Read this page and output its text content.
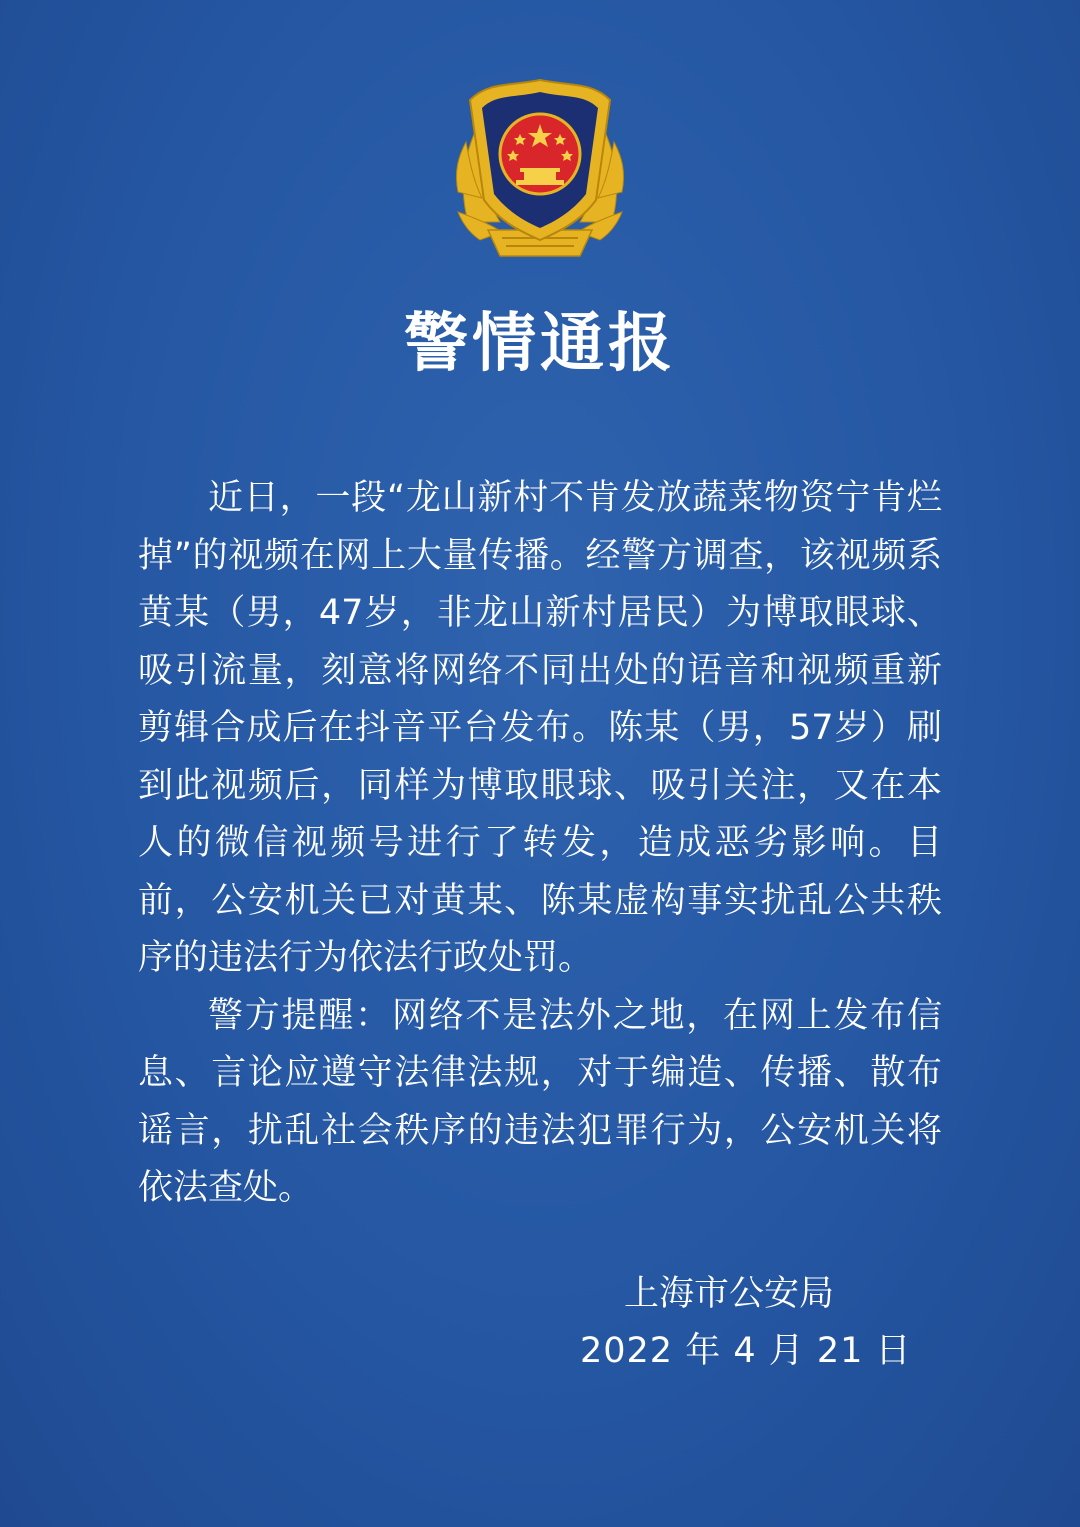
警情通报

近日，一段“龙山新村不肯发放蔬菜物资宁肯烂掉”的视频在网上大量传播。经警方调查，该视频系黄某（男，47岁，非龙山新村居民）为博取眼球、吸引流量，刻意将网络不同出处的语音和视频重新剪辑合成后在抖音平台发布。陈某（男，57岁）刷到此视频后，同样为博取眼球、吸引关注，又在本人的微信视频号进行了转发，造成恶劣影响。目前，公安机关已对黄某、陈某虚构事实扰乱公共秩序的违法行为依法行政处罚。

警方提醒：网络不是法外之地，在网上发布信息、言论应遵守法律法规，对于编造、传播、散布谣言，扰乱社会秩序的违法犯罪行为，公安机关将依法查处。

上海市公安局
2022 年 4 月 21 日
